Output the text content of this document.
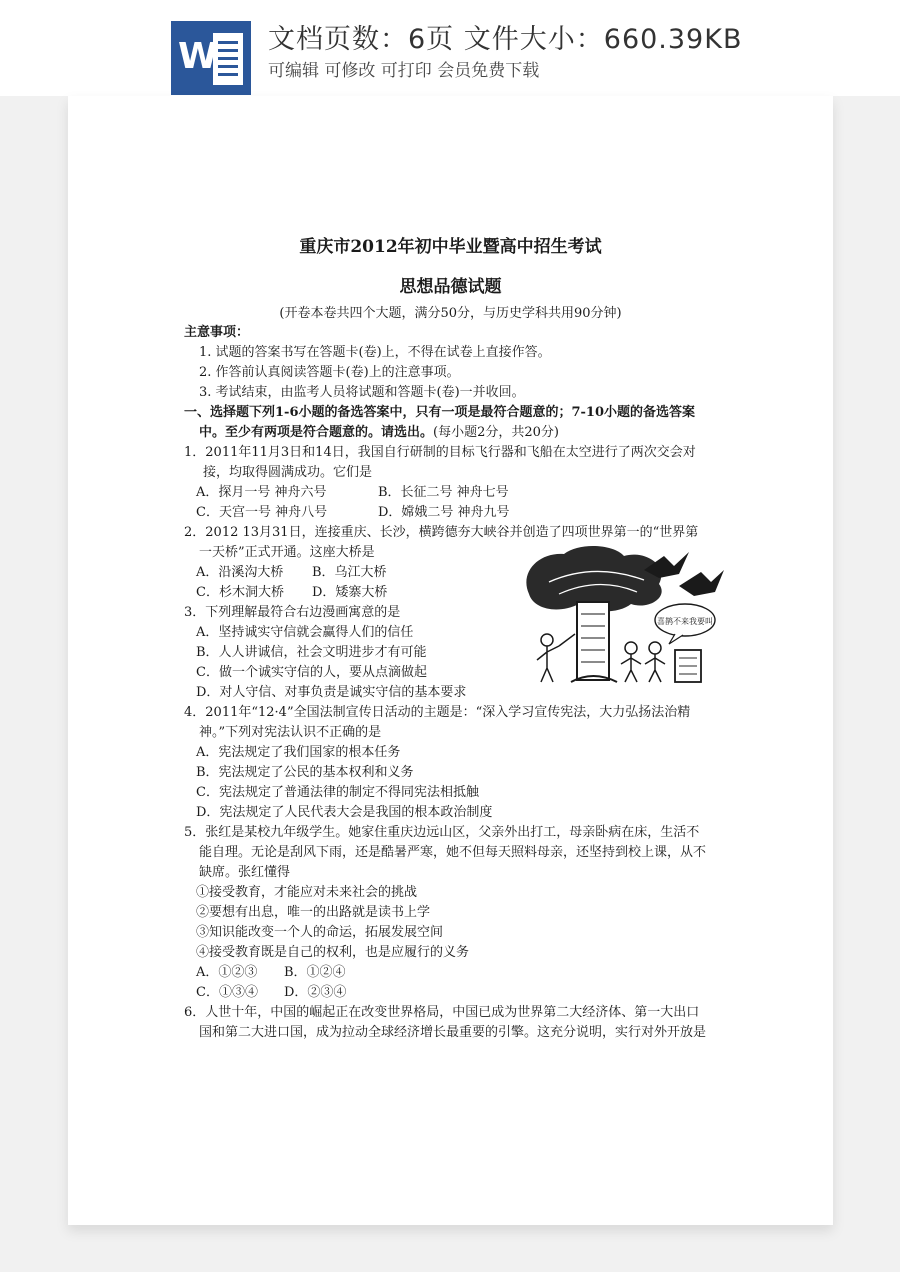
W 文档页数：6页 文件大小：660.39KB
可编辑 可修改 可打印 会员免费下载
重庆市2012年初中毕业暨高中招生考试
思想品德试题
(开卷本卷共四个大题，满分50分，与历史学科共用90分钟)
主意事项：
1. 试题的答案书写在答题卡(卷)上，不得在试卷上直接作答。
2. 作答前认真阅读答题卡(卷)上的注意事项。
3. 考试结束，由监考人员将试题和答题卡(卷)一并收回。
一、选择题下列1-6小题的备选答案中，只有一项是最符合题意的；7-10小题的备选答案
中。至少有两项是符合题意的。请选出。(每小题2分，共20分)
1．2011年11月3日和14日，我国自行研制的目标飞行器和飞船在太空进行了两次交会对
接，均取得圆满成功。它们是
A．探月一号 神舟六号	B．长征二号 神舟七号
C．天宫一号 神舟八号	D．嫦娥二号 神舟九号
2．2012 13月31日，连接重庆、长沙，横跨德夯大峡谷并创造了四项世界第一的“世界第
一天桥”正式开通。这座大桥是
A．沿溪沟大桥 B．乌江大桥
C．杉木洞大桥 D．矮寨大桥
3．下列理解最符合右边漫画寓意的是
A．坚持诚实守信就会赢得人们的信任
B．人人讲诚信，社会文明进步才有可能
C．做一个诚实守信的人，要从点滴做起
D．对人守信、对事负责是诚实守信的基本要求
喜鹊不来我要叫
4．2011年“12·4”全国法制宣传日活动的主题是：“深入学习宣传宪法，大力弘扬法治精
神。”下列对宪法认识不正确的是
A．宪法规定了我们国家的根本任务
B．宪法规定了公民的基本权利和义务
C．宪法规定了普通法律的制定不得同宪法相抵触
D．宪法规定了人民代表大会是我国的根本政治制度
5．张红是某校九年级学生。她家住重庆边远山区，父亲外出打工，母亲卧病在床，生活不
能自理。无论是刮风下雨，还是酷暑严寒，她不但每天照料母亲，还坚持到校上课，从不
缺席。张红懂得
①接受教育，才能应对未来社会的挑战
②要想有出息，唯一的出路就是读书上学
③知识能改变一个人的命运，拓展发展空间
④接受教育既是自己的权利，也是应履行的义务
A．①②③ B．①②④
C．①③④ D．②③④
6．人世十年，中国的崛起正在改变世界格局，中国已成为世界第二大经济体、第一大出口
国和第二大进口国，成为拉动全球经济增长最重要的引擎。这充分说明，实行对外开放是
